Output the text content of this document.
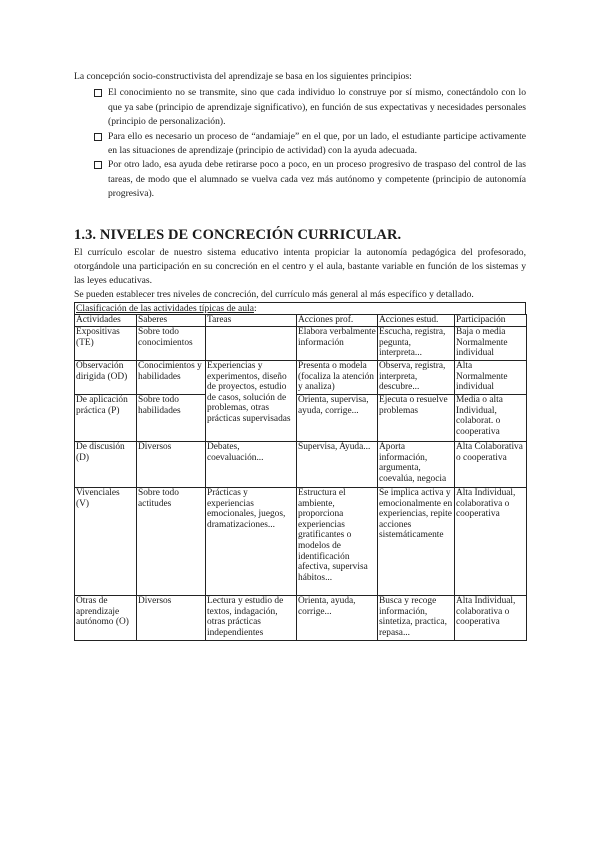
La concepción socio-constructivista del aprendizaje se basa en los siguientes principios:

El conocimiento no se transmite, sino que cada individuo lo construye por sí mismo, conectándolo con lo que ya sabe (principio de aprendizaje significativo), en función de sus expectativas y necesidades personales (principio de personalización).
Para ello es necesario un proceso de “andamiaje” en el que, por un lado, el estudiante participe activamente en las situaciones de aprendizaje (principio de actividad) con la ayuda adecuada.
Por otro lado, esa ayuda debe retirarse poco a poco, en un proceso progresivo de traspaso del control de las tareas, de modo que el alumnado se vuelva cada vez más autónomo y competente (principio de autonomía progresiva).
1.3. NIVELES DE CONCRECIÓN CURRICULAR.

El currículo escolar de nuestro sistema educativo intenta propiciar la autonomía pedagógica del profesorado, otorgándole una participación en su concreción en el centro y el aula, bastante variable en función de los sistemas y las leyes educativas.

Se pueden establecer tres niveles de concreción, del currículo más general al más específico y detallado.

Clasificación de las actividades típicas de aula:
Actividades	Saberes	Tareas	Acciones prof.	Acciones estud.	Participación
Expositivas (TE)	Sobre todo conocimientos		Elabora verbalmente información	Escucha, registra, pegunta, interpreta...	Baja o media Normalmente individual
Observación dirigida (OD)	Conocimientos y habilidades	Experiencias y experimentos, diseño de proyectos, estudio de casos, solución de problemas, otras prácticas supervisadas	Presenta o modela (focaliza la atención y analiza)	Observa, registra, interpreta, descubre...	Alta Normalmente individual
De aplicación práctica (P)	Sobre todo habilidades		Orienta, supervisa, ayuda, corrige...	Ejecuta o resuelve problemas	Media o alta Individual, colaborat. o cooperativa
De discusión (D)	Diversos	Debates, coevaluación...	Supervisa, Ayuda...	Aporta información, argumenta, coevalúa, negocia	Alta Colaborativa o cooperativa
Vivenciales (V)	Sobre todo actitudes	Prácticas y experiencias emocionales, juegos, dramatizaciones...	Estructura el ambiente, proporciona experiencias gratificantes o modelos de identificación afectiva, supervisa hábitos...	Se implica activa y emocionalmente en experiencias, repite acciones sistemáticamente	Alta Individual, colaborativa o cooperativa
Otras de aprendizaje autónomo (O)	Diversos	Lectura y estudio de textos, indagación, otras prácticas independientes	Orienta, ayuda, corrige...	Busca y recoge información, sintetiza, practica, repasa...	Alta Individual, colaborativa o cooperativa
